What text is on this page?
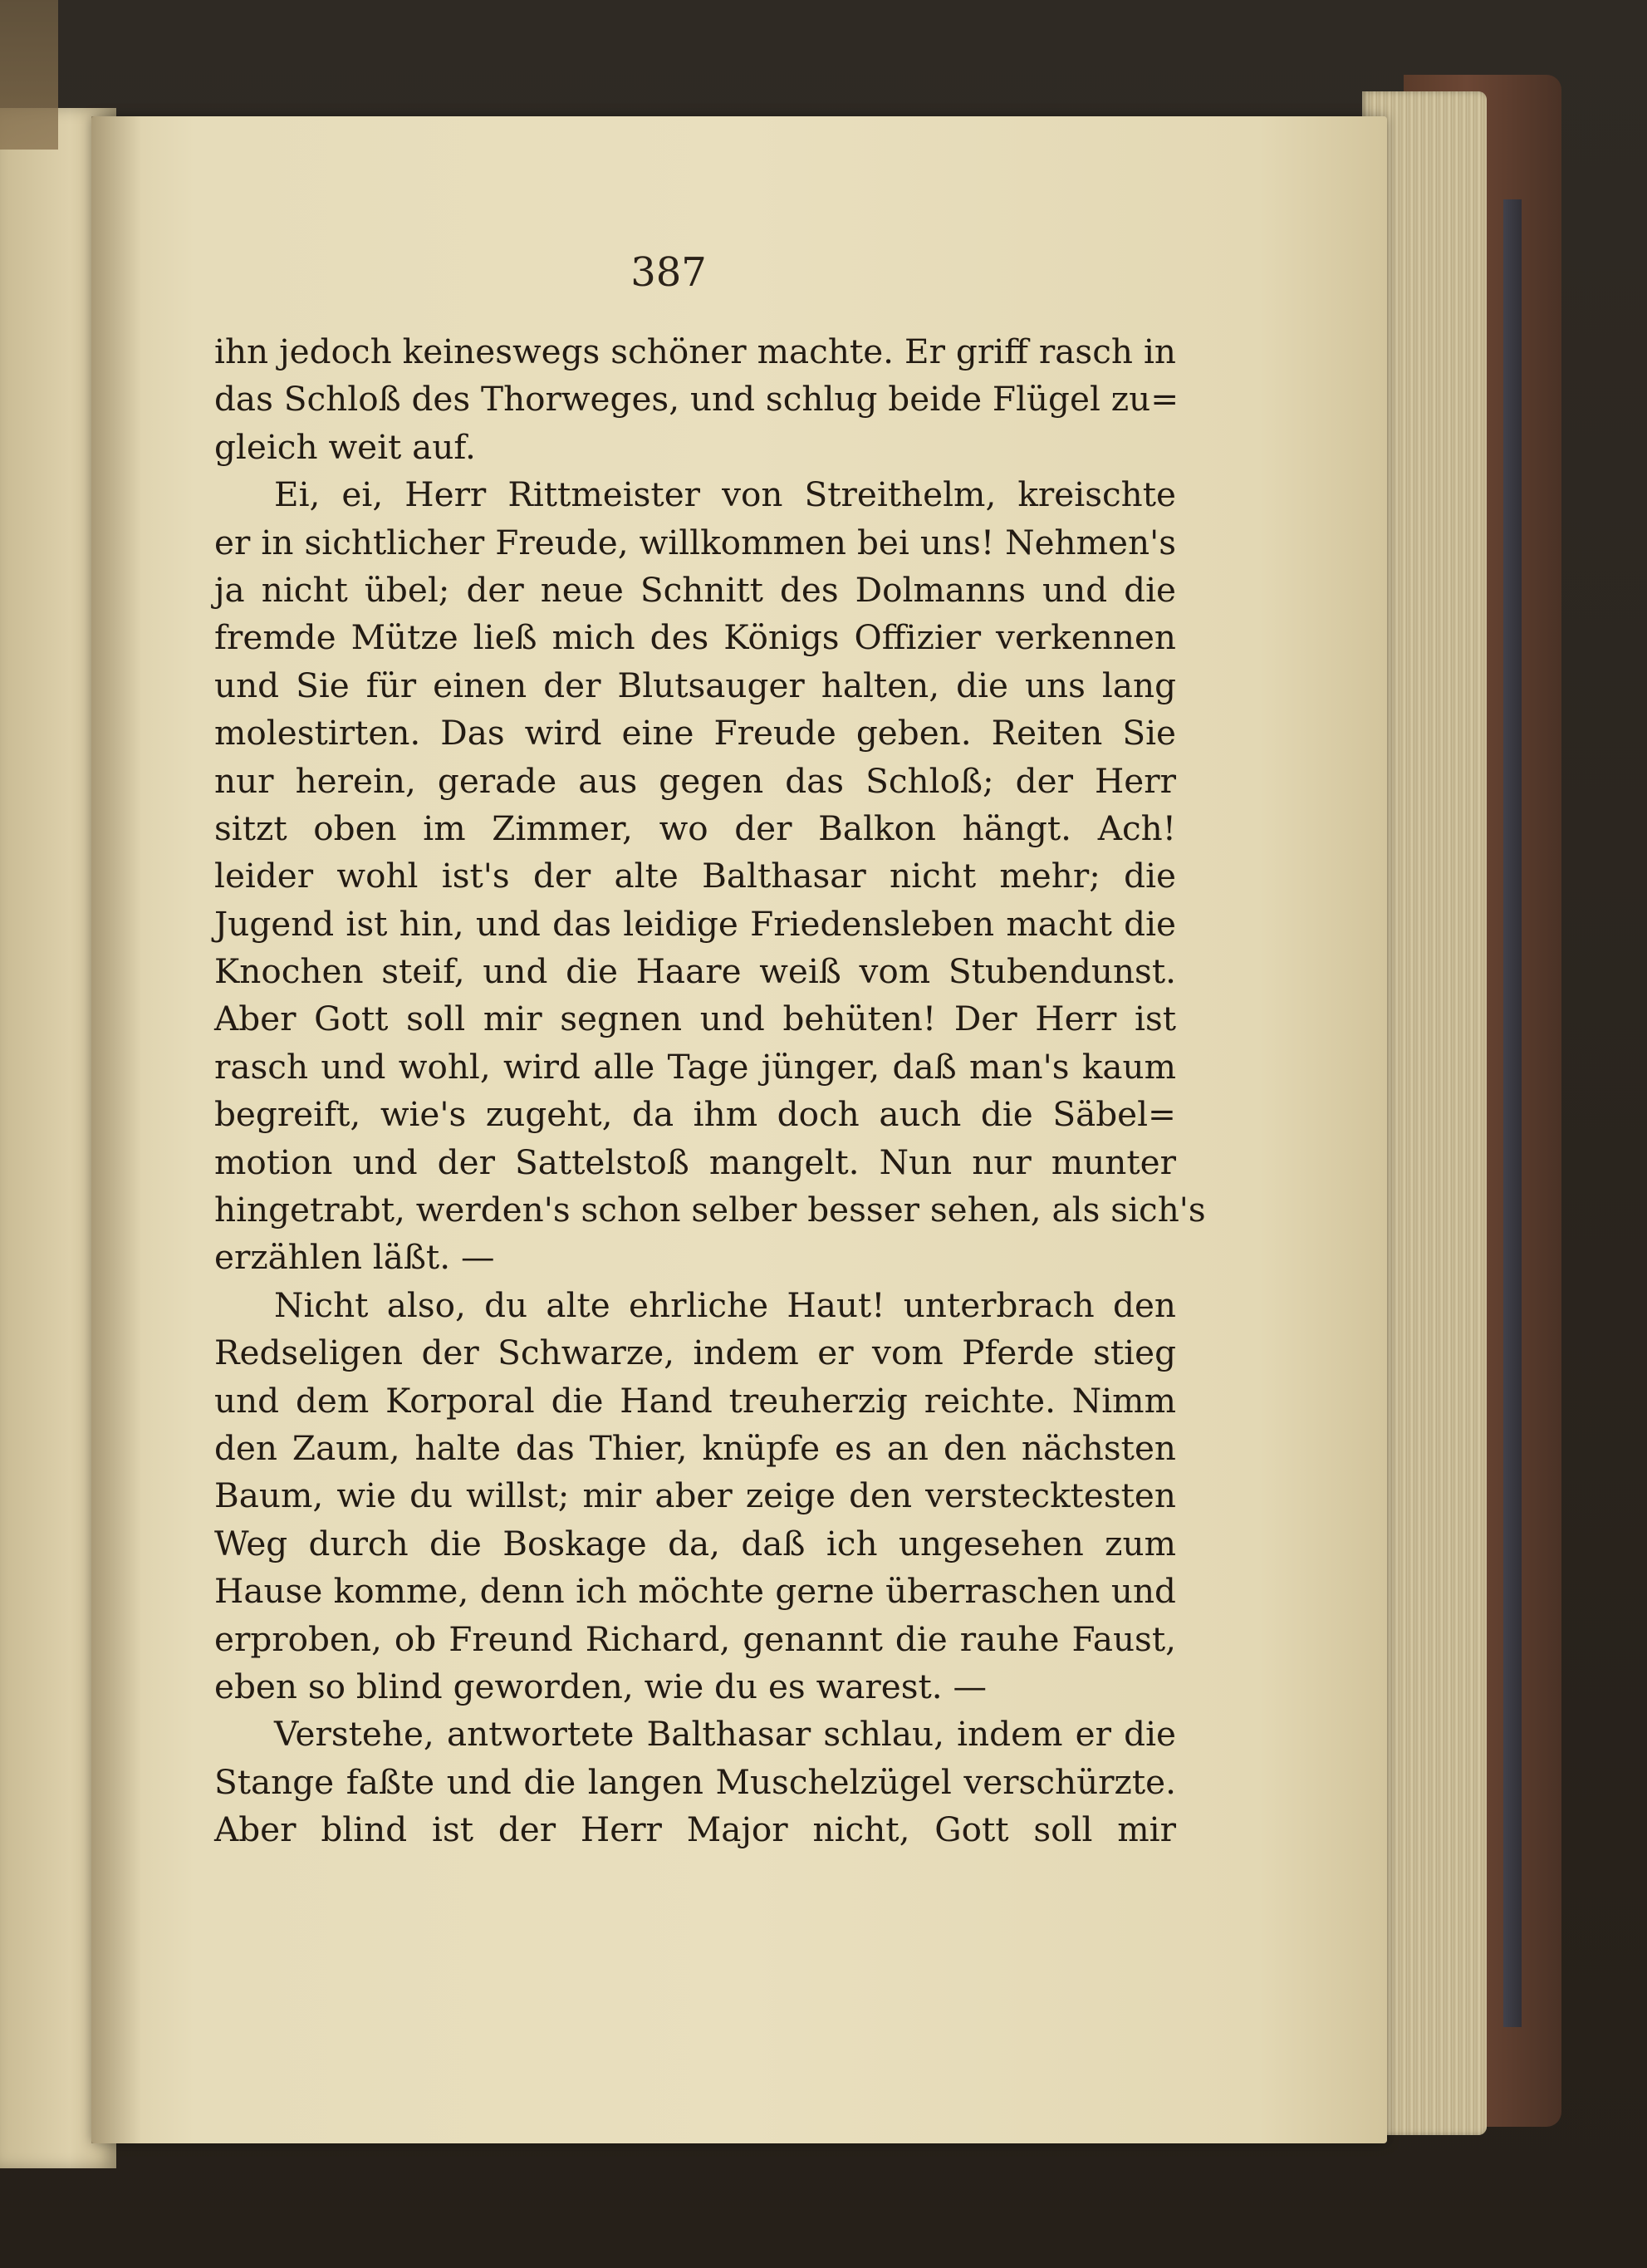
387
ihn jedoch keineswegs schöner machte. Er griff rasch in
das Schloß des Thorweges, und schlug beide Flügel zu=
gleich weit auf.
Ei, ei, Herr Rittmeister von Streithelm, kreischte
er in sichtlicher Freude, willkommen bei uns! Nehmen's
ja nicht übel; der neue Schnitt des Dolmanns und die
fremde Mütze ließ mich des Königs Offizier verkennen
und Sie für einen der Blutsauger halten, die uns lang
molestirten. Das wird eine Freude geben. Reiten Sie
nur herein, gerade aus gegen das Schloß; der Herr
sitzt oben im Zimmer, wo der Balkon hängt. Ach!
leider wohl ist's der alte Balthasar nicht mehr; die
Jugend ist hin, und das leidige Friedensleben macht die
Knochen steif, und die Haare weiß vom Stubendunst.
Aber Gott soll mir segnen und behüten! Der Herr ist
rasch und wohl, wird alle Tage jünger, daß man's kaum
begreift, wie's zugeht, da ihm doch auch die Säbel=
motion und der Sattelstoß mangelt. Nun nur munter
hingetrabt, werden's schon selber besser sehen, als sich's
erzählen läßt. —
Nicht also, du alte ehrliche Haut! unterbrach den
Redseligen der Schwarze, indem er vom Pferde stieg
und dem Korporal die Hand treuherzig reichte. Nimm
den Zaum, halte das Thier, knüpfe es an den nächsten
Baum, wie du willst; mir aber zeige den verstecktesten
Weg durch die Boskage da, daß ich ungesehen zum
Hause komme, denn ich möchte gerne überraschen und
erproben, ob Freund Richard, genannt die rauhe Faust,
eben so blind geworden, wie du es warest. —
Verstehe, antwortete Balthasar schlau, indem er die
Stange faßte und die langen Muschelzügel verschürzte.
Aber blind ist der Herr Major nicht, Gott soll mir
